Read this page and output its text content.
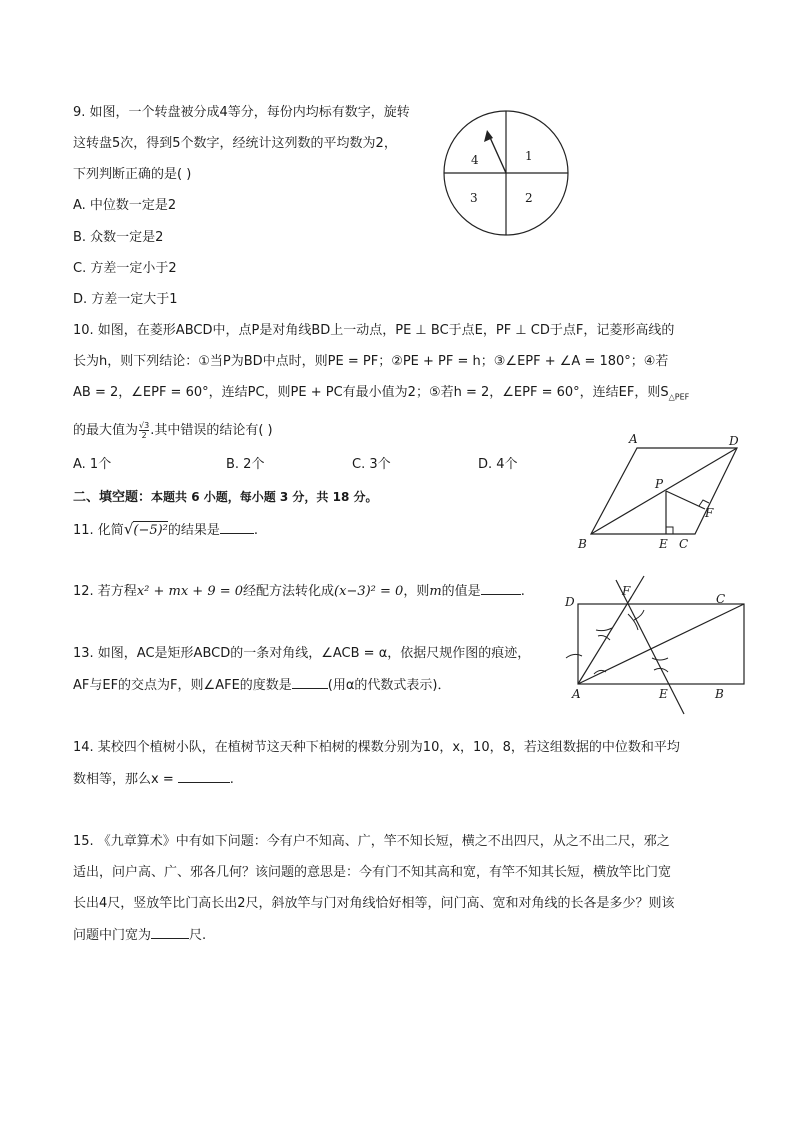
9. 如图，一个转盘被分成4等分，每份内均标有数字，旋转
这转盘5次，得到5个数字，经统计这列数的平均数为2，
下列判断正确的是( )
A. 中位数一定是2
B. 众数一定是2
C. 方差一定小于2
D. 方差一定大于1
1
2
3
4
10. 如图，在菱形ABCD中，点P是对角线BD上一动点，PE ⊥ BC于点E，PF ⊥ CD于点F，记菱形高线的
长为h，则下列结论：①当P为BD中点时，则PE = PF；②PE + PF = h；③∠EPF + ∠A = 180°；④若
AB = 2，∠EPF = 60°，连结PC，则PE + PC有最小值为2；⑤若h = 2，∠EPF = 60°，连结EF，则$S_{\triangle PEF}$
的最大值为 $\frac{√3}{2}$ .其中错误的结论有( )
A. 1个	B. 2个	C. 3个	D. 4个
A	D
P
F
B	E C
二、填空题：本题共 6 小题，每小题 3 分，共 18 分。
11. 化简√(−5)²的结果是	.
12. 若方程x² + mx + 9 = 0经配方法转化成(x−3)² = 0，则m的值是	.
13. 如图，AC是矩形ABCD的一条对角线，∠ACB = α，依据尺规作图的痕迹，
AF与EF的交点为F，则∠AFE的度数是	(用α的代数式表示)．
D
F
C
A	E	B
14. 某校四个植树小队，在植树节这天种下柏树的棵数分别为10，x，10，8，若这组数据的中位数和平均
数相等，那么x =	.
15. 《九章算术》中有如下问题：今有户不知高、广，竿不知长短，横之不出四尺，从之不出二尺，邪之
适出，问户高、广、邪各几何？该问题的意思是：今有门不知其高和宽，有竿不知其长短，横放竿比门宽
长出4尺，竖放竿比门高长出2尺，斜放竿与门对角线恰好相等，问门高、宽和对角线的长各是多少？则该
问题中门宽为	尺.
